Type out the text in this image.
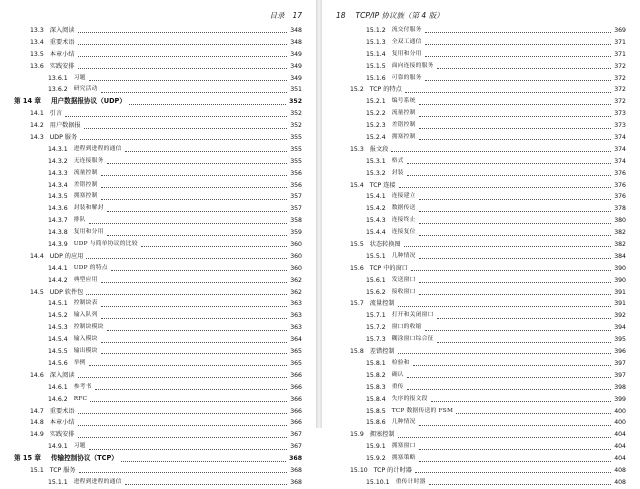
目录 17
13.3 深入阅读	348
13.4 重要术语	348
13.5 本章小结	349
13.6 实践安排	349
13.6.1 习题	349
13.6.2 研究活动	351
第 14 章 用户数据报协议（UDP）	352
14.1 引言	352
14.2 用户数据报	352
14.3 UDP 服务	355
14.3.1 进程到进程的通信	355
14.3.2 无连接服务	355
14.3.3 流量控制	356
14.3.4 差错控制	356
14.3.5 拥塞控制	357
14.3.6 封装和解封	357
14.3.7 排队	358
14.3.8 复用和分用	359
14.3.9 UDP 与简单协议的比较	360
14.4 UDP 的应用	360
14.4.1 UDP 的特点	360
14.4.2 典型应用	362
14.5 UDP 软件包	362
14.5.1 控制块表	363
14.5.2 输入队列	363
14.5.3 控制块模块	363
14.5.4 输入模块	364
14.5.5 输出模块	365
14.5.6 举例	365
14.6 深入阅读	366
14.6.1 参考书	366
14.6.2 RFC	366
14.7 重要术语	366
14.8 本章小结	366
14.9 实践安排	367
14.9.1 习题	367
第 15 章 传输控制协议（TCP）	368
15.1 TCP 服务	368
15.1.1 进程到进程的通信	368
18 TCP/IP 协议族（第 4 版）
15.1.2 流交付服务	369
15.1.3 全双工通信	371
15.1.4 复用和分用	371
15.1.5 面向连接的服务	372
15.1.6 可靠的服务	372
15.2 TCP 的特点	372
15.2.1 编号系统	372
15.2.2 流量控制	373
15.2.3 差错控制	373
15.2.4 拥塞控制	374
15.3 报文段	374
15.3.1 格式	374
15.3.2 封装	376
15.4 TCP 连接	376
15.4.1 连接建立	376
15.4.2 数据传送	378
15.4.3 连接终止	380
15.4.4 连接复位	382
15.5 状态转换图	382
15.5.1 几种情况	384
15.6 TCP 中的窗口	390
15.6.1 发送窗口	390
15.6.2 接收窗口	391
15.7 流量控制	391
15.7.1 打开和关闭窗口	392
15.7.2 窗口的收缩	394
15.7.3 糊涂窗口综合征	395
15.8 差错控制	396
15.8.1 检验和	397
15.8.2 确认	397
15.8.3 重传	398
15.8.4 失序的报文段	399
15.8.5 TCP 数据传送的 FSM	400
15.8.6 几种情况	400
15.9 拥塞控制	404
15.9.1 拥塞窗口	404
15.9.2 拥塞策略	404
15.10 TCP 的计时器	408
15.10.1 重传计时器	408
